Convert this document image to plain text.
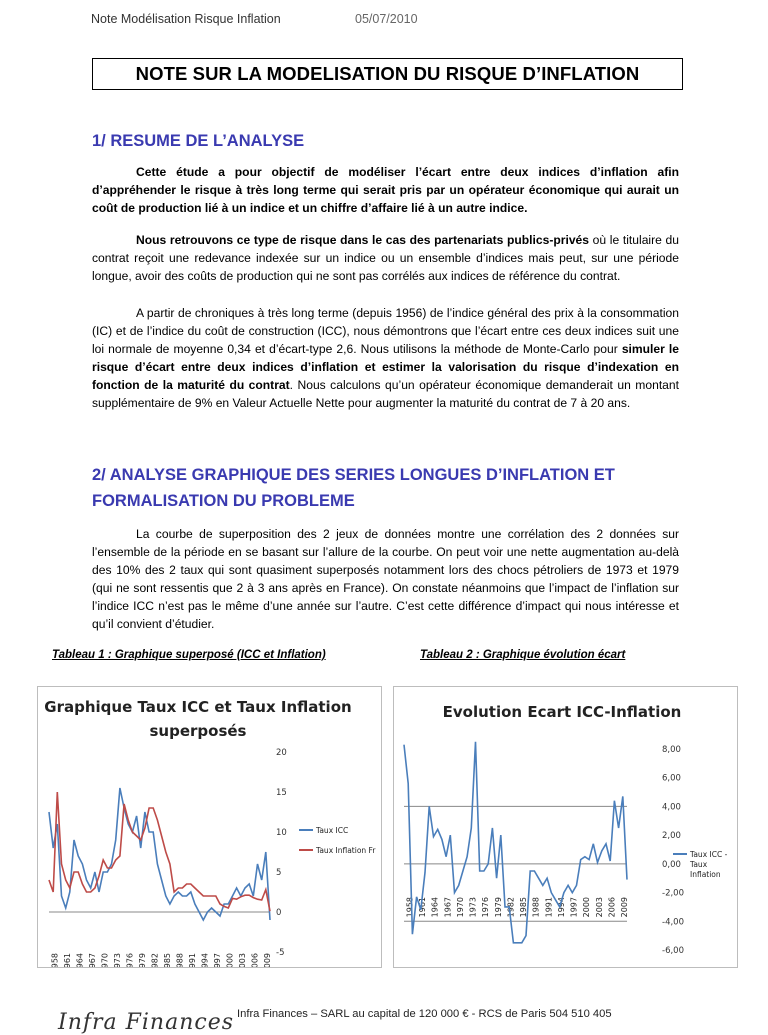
Note Modélisation Risque Inflation	05/07/2010
NOTE SUR LA MODELISATION DU RISQUE D’INFLATION
1/ RESUME DE L’ANALYSE
Cette étude a pour objectif de modéliser l’écart entre deux indices d’inflation afin d’appréhender le risque à très long terme qui serait pris par un opérateur économique qui aurait un coût de production lié à un indice et un chiffre d’affaire lié à un autre indice.
Nous retrouvons ce type de risque dans le cas des partenariats publics-privés où le titulaire du contrat reçoit une redevance indexée sur un indice ou un ensemble d’indices mais peut, sur une période longue, avoir des coûts de production qui ne sont pas corrélés aux indices de référence du contrat.
A partir de chroniques à très long terme (depuis 1956) de l’indice général des prix à la consommation (IC) et de l’indice du coût de construction (ICC), nous démontrons que l’écart entre ces deux indices suit une loi normale de moyenne 0,34 et d’écart-type 2,6. Nous utilisons la méthode de Monte-Carlo pour simuler le risque d’écart entre deux indices d’inflation et estimer la valorisation du risque d’indexation en fonction de la maturité du contrat. Nous calculons qu’un opérateur économique demanderait un montant supplémentaire de 9% en Valeur Actuelle Nette pour augmenter la maturité du contrat de 7 à 20 ans.
2/ ANALYSE GRAPHIQUE DES SERIES LONGUES D’INFLATION ET
FORMALISATION DU PROBLEME
La courbe de superposition des 2 jeux de données montre une corrélation des 2 données sur l’ensemble de la période en se basant sur l’allure de la courbe. On peut voir une nette augmentation au-delà des 10% des 2 taux qui sont quasiment superposés notamment lors des chocs pétroliers de 1973 et 1979 (qui ne sont ressentis que 2 à 3 ans après en France). On constate néanmoins que l’impact de l’inflation sur l’indice ICC n’est pas le même d’une année sur l’autre. C’est cette différence d’impact qui nous intéresse et qu’il convient d’étudier.
Tableau 1 : Graphique superposé (ICC et Inflation)	Tableau 2 : Graphique évolution écart
Graphique Taux ICC et Taux Inflation
superposés
20
15
10
5
0
-5
1958 1961 1964 1967 1970 1973 1976 1979 1982 1985 1988 1991 1994 1997 2000 2003 2006 2009
Taux ICC
Taux Inflation Fr
Evolution Ecart ICC-Inflation
8,00
6,00
4,00
2,00
0,00
-2,00
-4,00
-6,00
1958 1961 1964 1967 1970 1973 1976 1979 1982 1985 1988 1991 1994 1997 2000 2003 2006 2009
Taux ICC -
Taux
Inflation
Infra Finances – SARL au capital de 120 000 € - RCS de Paris 504 510 405
Infra Finances
